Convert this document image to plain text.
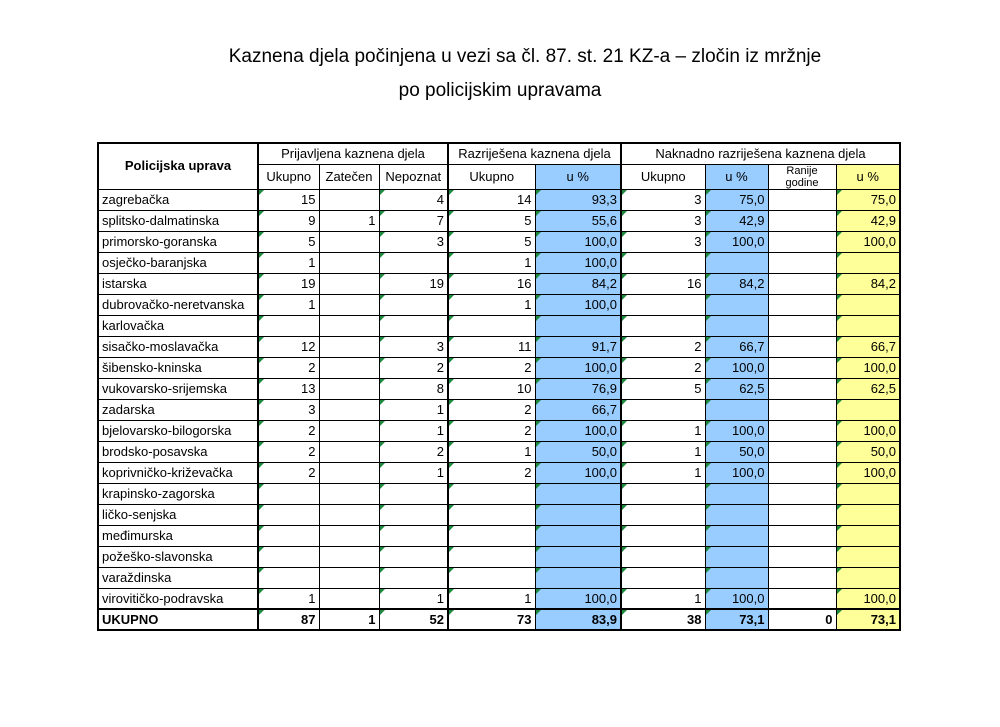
Kaznena djela počinjena u vezi sa čl. 87. st. 21 KZ-a – zločin iz mržnje
po policijskim upravama
Policijska uprava	Prijavljena kaznena djela			Razriješena kaznena djela		Naknadno razriješena kaznena djela			
	Ukupno	Zatečen	Nepoznat	Ukupno	u %	Ukupno	u %	Ranije godine	u %
zagrebačka	15		4	14	93,3	3	75,0		75,0
splitsko-dalmatinska	9	1	7	5	55,6	3	42,9		42,9
primorsko-goranska	5		3	5	100,0	3	100,0		100,0
osječko-baranjska	1			1	100,0				
istarska	19		19	16	84,2	16	84,2		84,2
dubrovačko-neretvanska	1			1	100,0				
karlovačka									
sisačko-moslavačka	12		3	11	91,7	2	66,7		66,7
šibensko-kninska	2		2	2	100,0	2	100,0		100,0
vukovarsko-srijemska	13		8	10	76,9	5	62,5		62,5
zadarska	3		1	2	66,7				
bjelovarsko-bilogorska	2		1	2	100,0	1	100,0		100,0
brodsko-posavska	2		2	1	50,0	1	50,0		50,0
koprivničko-križevačka	2		1	2	100,0	1	100,0		100,0
krapinsko-zagorska									
ličko-senjska									
međimurska									
požeško-slavonska									
varaždinska									
virovitičko-podravska	1		1	1	100,0	1	100,0		100,0
UKUPNO	87	1	52	73	83,9	38	73,1	0	73,1
